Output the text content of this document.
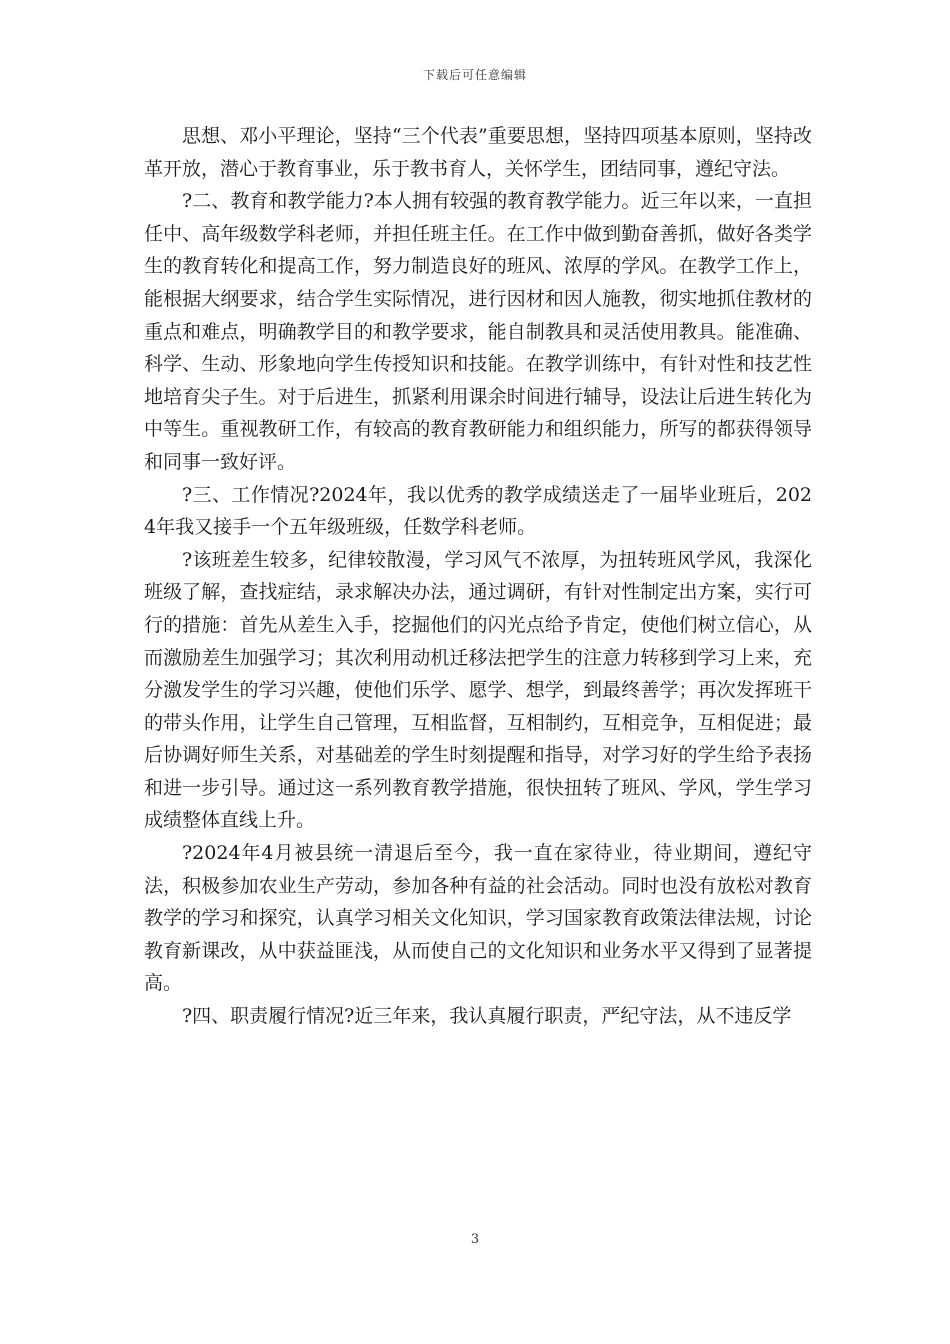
下载后可任意编辑

思想、邓小平理论，坚持“三个代表”重要思想，坚持四项基本原则，坚持改革开放，潜心于教育事业，乐于教书育人，关怀学生，团结同事，遵纪守法。

?二、教育和教学能力?本人拥有较强的教育教学能力。近三年以来，一直担任中、高年级数学科老师，并担任班主任。在工作中做到勤奋善抓，做好各类学生的教育转化和提高工作，努力制造良好的班风、浓厚的学风。在教学工作上，能根据大纲要求，结合学生实际情况，进行因材和因人施教，彻实地抓住教材的重点和难点，明确教学目的和教学要求，能自制教具和灵活使用教具。能准确、科学、生动、形象地向学生传授知识和技能。在教学训练中，有针对性和技艺性地培育尖子生。对于后进生，抓紧利用课余时间进行辅导，设法让后进生转化为中等生。重视教研工作，有较高的教育教研能力和组织能力，所写的都获得领导和同事一致好评。

?三、工作情况?2024年，我以优秀的教学成绩送走了一届毕业班后，2024年我又接手一个五年级班级，任数学科老师。

?该班差生较多，纪律较散漫，学习风气不浓厚，为扭转班风学风，我深化班级了解，查找症结，录求解决办法，通过调研，有针对性制定出方案，实行可行的措施：首先从差生入手，挖掘他们的闪光点给予肯定，使他们树立信心，从而激励差生加强学习；其次利用动机迁移法把学生的注意力转移到学习上来，充分激发学生的学习兴趣，使他们乐学、愿学、想学，到最终善学；再次发挥班干的带头作用，让学生自己管理，互相监督，互相制约，互相竞争，互相促进；最后协调好师生关系，对基础差的学生时刻提醒和指导，对学习好的学生给予表扬和进一步引导。通过这一系列教育教学措施，很快扭转了班风、学风，学生学习成绩整体直线上升。

?2024年4月被县统一清退后至今，我一直在家待业，待业期间，遵纪守法，积极参加农业生产劳动，参加各种有益的社会活动。同时也没有放松对教育教学的学习和探究，认真学习相关文化知识，学习国家教育政策法律法规，讨论教育新课改，从中获益匪浅，从而使自己的文化知识和业务水平又得到了显著提高。

?四、职责履行情况?近三年来，我认真履行职责，严纪守法，从不违反学

3
